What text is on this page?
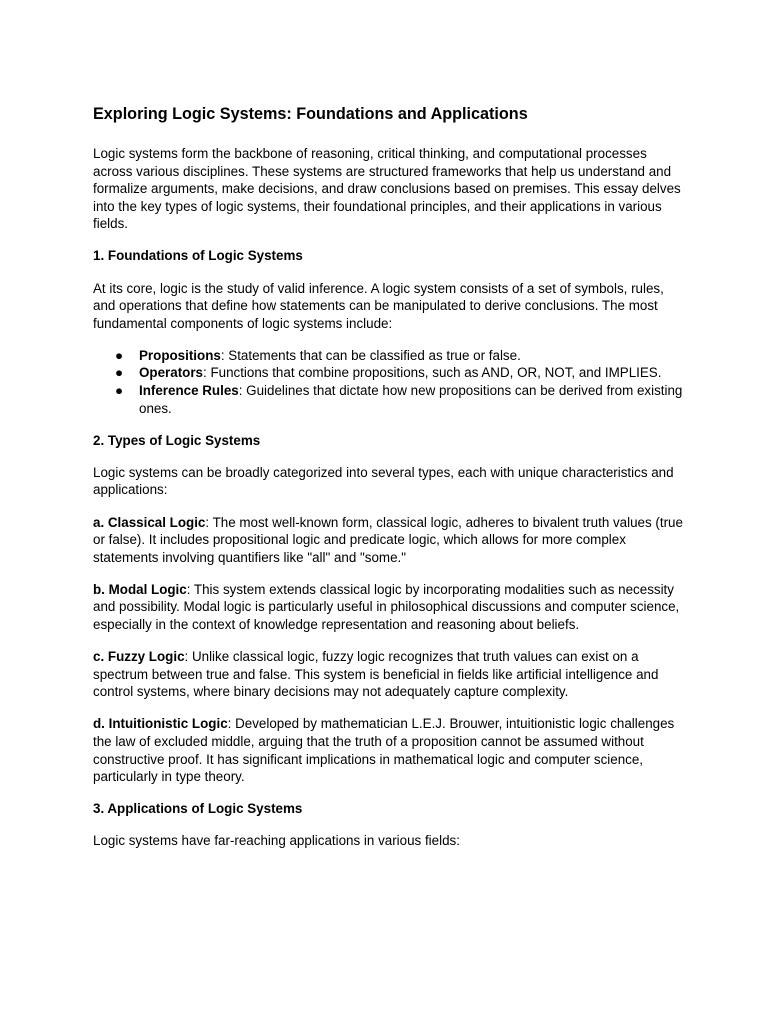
Exploring Logic Systems: Foundations and Applications

Logic systems form the backbone of reasoning, critical thinking, and computational processes across various disciplines. These systems are structured frameworks that help us understand and formalize arguments, make decisions, and draw conclusions based on premises. This essay delves into the key types of logic systems, their foundational principles, and their applications in various fields.

1. Foundations of Logic Systems

At its core, logic is the study of valid inference. A logic system consists of a set of symbols, rules, and operations that define how statements can be manipulated to derive conclusions. The most fundamental components of logic systems include:

● Propositions: Statements that can be classified as true or false.
● Operators: Functions that combine propositions, such as AND, OR, NOT, and IMPLIES.
● Inference Rules: Guidelines that dictate how new propositions can be derived from existing ones.
2. Types of Logic Systems

Logic systems can be broadly categorized into several types, each with unique characteristics and applications:

a. Classical Logic: The most well-known form, classical logic, adheres to bivalent truth values (true or false). It includes propositional logic and predicate logic, which allows for more complex statements involving quantifiers like "all" and "some."

b. Modal Logic: This system extends classical logic by incorporating modalities such as necessity and possibility. Modal logic is particularly useful in philosophical discussions and computer science, especially in the context of knowledge representation and reasoning about beliefs.

c. Fuzzy Logic: Unlike classical logic, fuzzy logic recognizes that truth values can exist on a spectrum between true and false. This system is beneficial in fields like artificial intelligence and control systems, where binary decisions may not adequately capture complexity.

d. Intuitionistic Logic: Developed by mathematician L.E.J. Brouwer, intuitionistic logic challenges the law of excluded middle, arguing that the truth of a proposition cannot be assumed without constructive proof. It has significant implications in mathematical logic and computer science, particularly in type theory.

3. Applications of Logic Systems

Logic systems have far-reaching applications in various fields:
